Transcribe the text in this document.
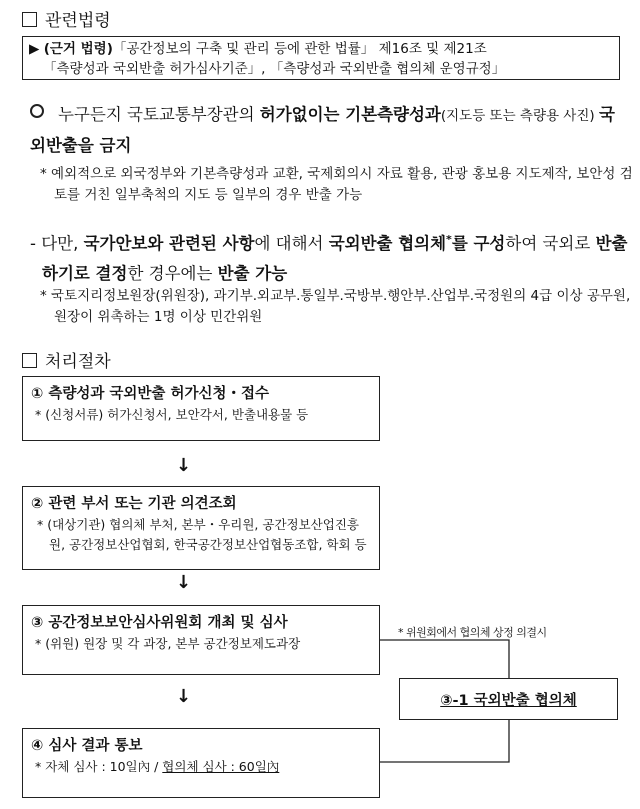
관련법령
▶ (근거 법령)「공간정보의 구축 및 관리 등에 관한 법률」 제16조 및 제21조
「측량성과 국외반출 허가심사기준」, 「측량성과 국외반출 협의체 운영규정」
누구든지 국토교통부장관의 허가없이는 기본측량성과(지도등 또는 측량용 사진) 국외반출을 금지
* 예외적으로 외국정부와 기본측량성과 교환, 국제회의시 자료 활용, 관광 홍보용 지도제작, 보안성 검토를 거친 일부축척의 지도 등 일부의 경우 반출 가능
- 다만, 국가안보와 관련된 사항에 대해서 국외반출 협의체*를 구성하여 국외로 반출하기로 결정한 경우에는 반출 가능
* 국토지리정보원장(위원장), 과기부.외교부.통일부.국방부.행안부.산업부.국정원의 4급 이상 공무원, 원장이 위촉하는 1명 이상 민간위원
처리절차
① 측량성과 국외반출 허가신청・접수
* (신청서류) 허가신청서, 보안각서, 반출내용물 등
↓
② 관련 부서 또는 기관 의견조회
* (대상기관) 협의체 부처, 본부・우리원, 공간정보산업진흥원, 공간정보산업협회, 한국공간정보산업협동조합, 학회 등
↓
③ 공간정보보안심사위원회 개최 및 심사
* (위원) 원장 및 각 과장, 본부 공간정보제도과장
↓
④ 심사 결과 통보
* 자체 심사 : 10일內 / 협의체 심사 : 60일內
* 위원회에서 협의체 상정 의결시
③-1 국외반출 협의체
